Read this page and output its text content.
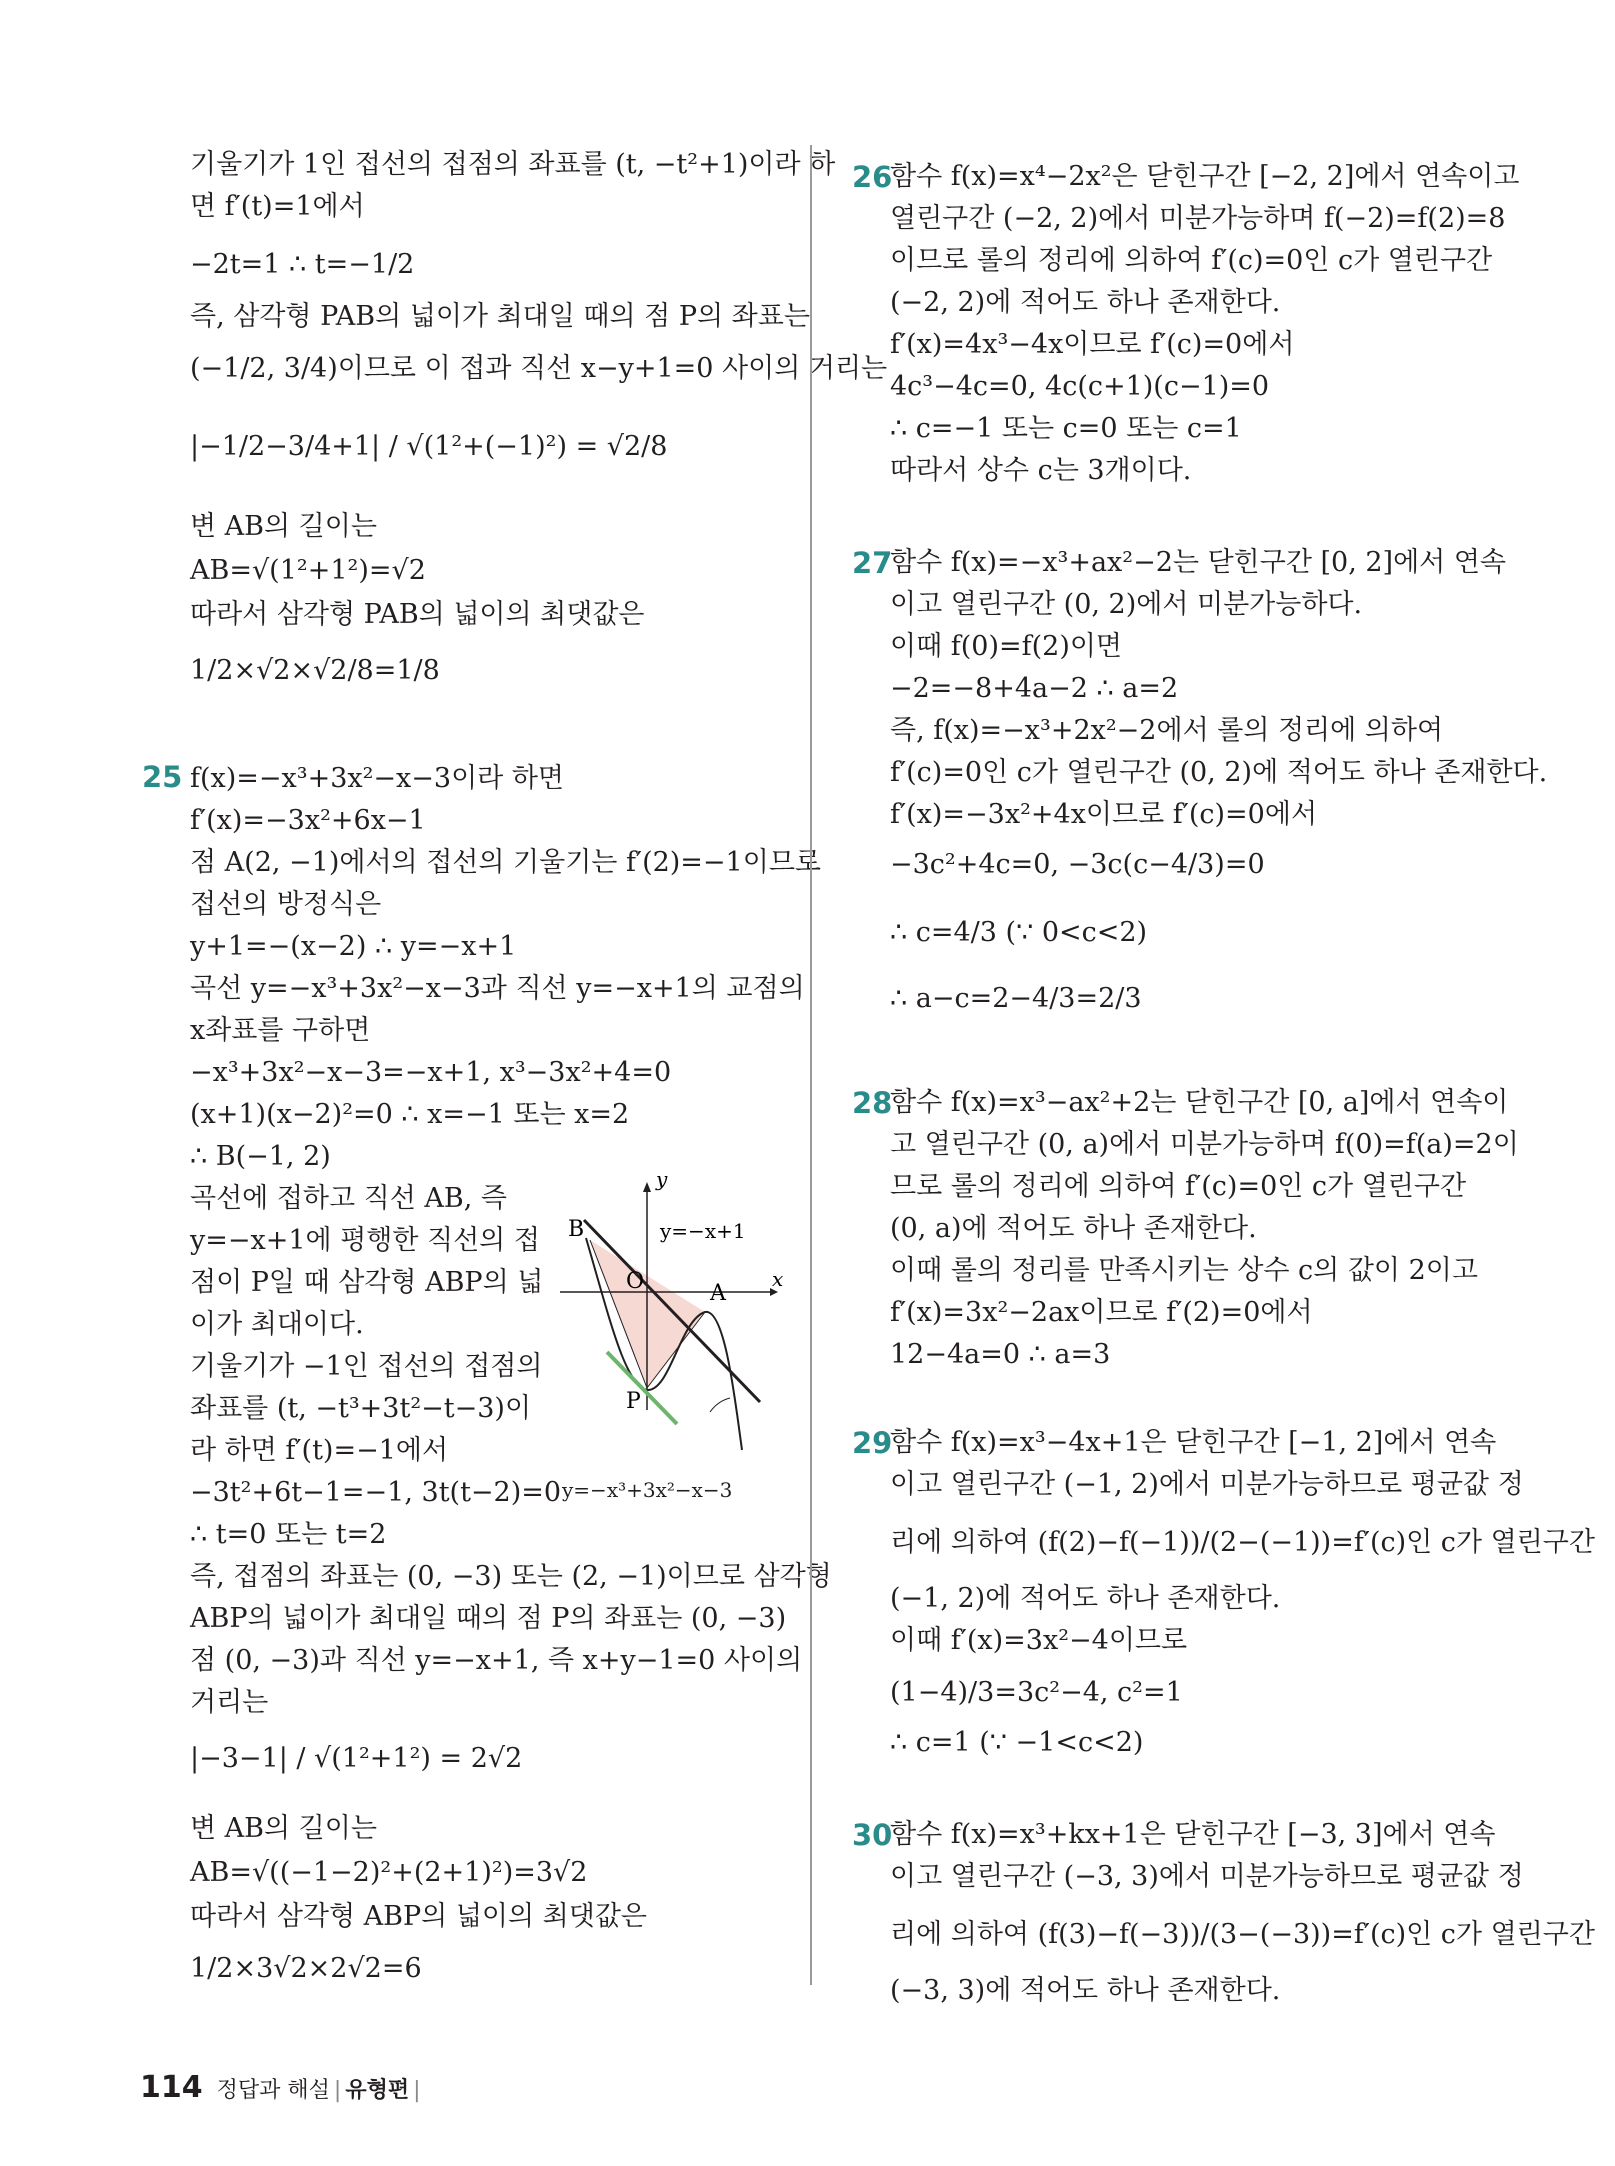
기울기가 1인 접선의 접점의 좌표를 (t, −t²+1)이라 하
면 f′(t)=1에서
−2t=1 ∴ t=−1/2
즉, 삼각형 PAB의 넓이가 최대일 때의 점 P의 좌표는
(−1/2, 3/4)이므로 이 접과 직선 x−y+1=0 사이의 거리는
|−1/2−3/4+1| / √(1²+(−1)²) = √2/8
변 AB의 길이는
AB=√(1²+1²)=√2
따라서 삼각형 PAB의 넓이의 최댓값은
1/2×√2×√2/8=1/8
25 f(x)=−x³+3x²−x−3이라 하면
f′(x)=−3x²+6x−1
점 A(2, −1)에서의 접선의 기울기는 f′(2)=−1이므로
접선의 방정식은
y+1=−(x−2) ∴ y=−x+1
곡선 y=−x³+3x²−x−3과 직선 y=−x+1의 교점의
x좌표를 구하면
−x³+3x²−x−3=−x+1, x³−3x²+4=0
(x+1)(x−2)²=0 ∴ x=−1 또는 x=2
∴ B(−1, 2)
곡선에 접하고 직선 AB, 즉
y=−x+1에 평행한 직선의 접
점이 P일 때 삼각형 ABP의 넓
이가 최대이다.
기울기가 −1인 접선의 접점의
좌표를 (t, −t³+3t²−t−3)이
라 하면 f′(t)=−1에서
−3t²+6t−1=−1, 3t(t−2)=0
∴ t=0 또는 t=2
즉, 접점의 좌표는 (0, −3) 또는 (2, −1)이므로 삼각형
ABP의 넓이가 최대일 때의 점 P의 좌표는 (0, −3)
점 (0, −3)과 직선 y=−x+1, 즉 x+y−1=0 사이의
거리는
|−3−1| / √(1²+1²) = 2√2
변 AB의 길이는
AB=√((−1−2)²+(2+1)²)=3√2
따라서 삼각형 ABP의 넓이의 최댓값은
1/2×3√2×2√2=6
y
x
O	A
B
P
y=−x+1
y=−x³+3x²−x−3
26
함수 f(x)=x⁴−2x²은 닫힌구간 [−2, 2]에서 연속이고
열린구간 (−2, 2)에서 미분가능하며 f(−2)=f(2)=8
이므로 롤의 정리에 의하여 f′(c)=0인 c가 열린구간
(−2, 2)에 적어도 하나 존재한다.
f′(x)=4x³−4x이므로 f′(c)=0에서
4c³−4c=0, 4c(c+1)(c−1)=0
∴ c=−1 또는 c=0 또는 c=1
따라서 상수 c는 3개이다.
27
함수 f(x)=−x³+ax²−2는 닫힌구간 [0, 2]에서 연속
이고 열린구간 (0, 2)에서 미분가능하다.
이때 f(0)=f(2)이면
−2=−8+4a−2 ∴ a=2
즉, f(x)=−x³+2x²−2에서 롤의 정리에 의하여
f′(c)=0인 c가 열린구간 (0, 2)에 적어도 하나 존재한다.
f′(x)=−3x²+4x이므로 f′(c)=0에서
−3c²+4c=0, −3c(c−4/3)=0
∴ c=4/3 (∵ 0<c<2)
∴ a−c=2−4/3=2/3
28
함수 f(x)=x³−ax²+2는 닫힌구간 [0, a]에서 연속이
고 열린구간 (0, a)에서 미분가능하며 f(0)=f(a)=2이
므로 롤의 정리에 의하여 f′(c)=0인 c가 열린구간
(0, a)에 적어도 하나 존재한다.
이때 롤의 정리를 만족시키는 상수 c의 값이 2이고
f′(x)=3x²−2ax이므로 f′(2)=0에서
12−4a=0 ∴ a=3
29
함수 f(x)=x³−4x+1은 닫힌구간 [−1, 2]에서 연속
이고 열린구간 (−1, 2)에서 미분가능하므로 평균값 정
리에 의하여 (f(2)−f(−1))/(2−(−1))=f′(c)인 c가 열린구간
(−1, 2)에 적어도 하나 존재한다.
이때 f′(x)=3x²−4이므로
(1−4)/3=3c²−4, c²=1
∴ c=1 (∵ −1<c<2)
30
함수 f(x)=x³+kx+1은 닫힌구간 [−3, 3]에서 연속
이고 열린구간 (−3, 3)에서 미분가능하므로 평균값 정
리에 의하여 (f(3)−f(−3))/(3−(−3))=f′(c)인 c가 열린구간
(−3, 3)에 적어도 하나 존재한다.
114 정답과 해설 | 유형편 |
